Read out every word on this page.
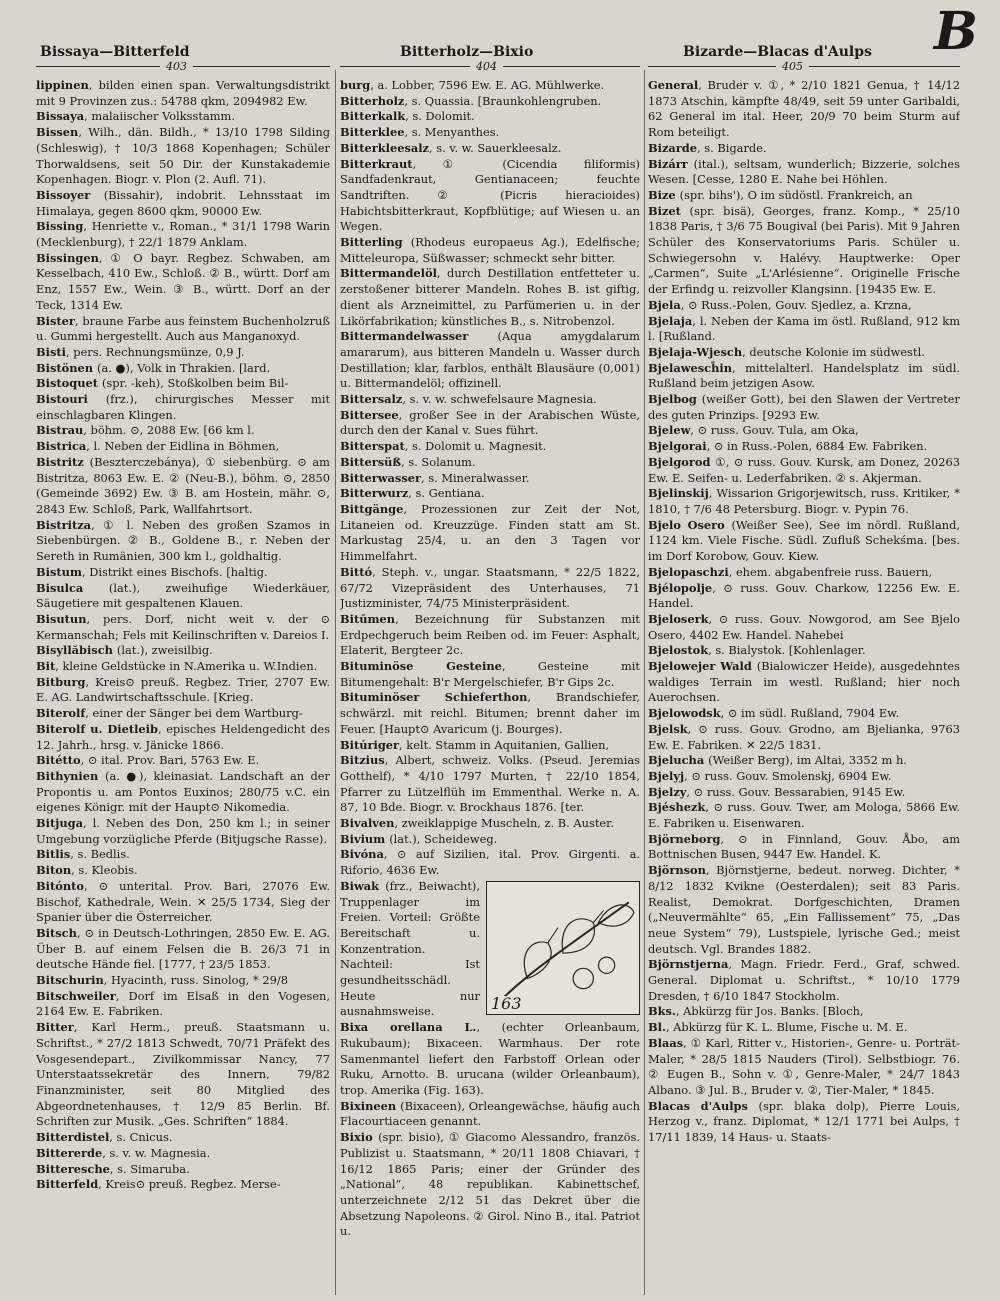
B
Bissaya—Bitterfeld	Bitterholz—Bixio	Bizarde—Blacas d'Aulps
403	404	405

lippinen, bilden einen span. Verwaltungsdistrikt mit 9 Provinzen zus.: 54788 qkm, 2094982 Ew.

Bissaya, malaiischer Volksstamm.

Bissen, Wilh., dän. Bildh., * 13/10 1798 Silding (Schleswig), † 10/3 1868 Kopenhagen; Schüler Thorwaldsens, seit 50 Dir. der Kunstakademie Kopenhagen. Biogr. v. Plon (2. Aufl. 71).

Bissoyer (Bissahir), indobrit. Lehnsstaat im Himalaya, gegen 8600 qkm, 90000 Ew.

Bissing, Henriette v., Roman., * 31/1 1798 Warin (Mecklenburg), † 22/1 1879 Anklam.

Bissingen, ① O bayr. Regbez. Schwaben, am Kesselbach, 410 Ew., Schloß. ② B., württ. Dorf am Enz, 1557 Ew., Wein. ③ B., württ. Dorf an der Teck, 1314 Ew.

Bister, braune Farbe aus feinstem Buchenholzruß u. Gummi hergestellt. Auch aus Manganoxyd.

Bisti, pers. Rechnungsmünze, 0,9 J.

Bistönen (a. ●), Volk in Thrakien. [lard.

Bistoquet (spr. -keh), Stoßkolben beim Bil-

Bistouri (frz.), chirurgisches Messer mit einschlagbaren Klingen.

Bistrau, böhm. ⊙, 2088 Ew. [66 km l.

Bistrica, l. Neben der Eidlina in Böhmen,

Bistritz (Beszterczebánya), ① siebenbürg. ⊙ am Bistritza, 8063 Ew. E. ② (Neu-B.), böhm. ⊙, 2850 (Gemeinde 3692) Ew. ③ B. am Hostein, mähr. ⊙, 2843 Ew. Schloß, Park, Wallfahrtsort.

Bistritza, ① l. Neben des großen Szamos in Siebenbürgen. ② B., Goldene B., r. Neben der Sereth in Rumänien, 300 km l., goldhaltig.

Bistum, Distrikt eines Bischofs. [haltig.

Bisulca (lat.), zweihufige Wiederkäuer, Säugetiere mit gespaltenen Klauen.

Bisutun, pers. Dorf, nicht weit v. der ⊙ Kermanschah; Fels mit Keilinschriften v. Dareios I.

Bisyllăbisch (lat.), zweisilbig.

Bit, kleine Geldstücke in N.Amerika u. W.Indien.

Bitburg, Kreis⊙ preuß. Regbez. Trier, 2707 Ew. E. AG. Landwirtschaftsschule. [Krieg.

Biterolf, einer der Sänger bei dem Wartburg-

Biterolf u. Dietleib, episches Heldengedicht des 12. Jahrh., hrsg. v. Jänicke 1866.

Bitétto, ⊙ ital. Prov. Bari, 5763 Ew. E.

Bithynien (a. ●), kleinasiat. Landschaft an der Propontis u. am Pontos Euxinos; 280/75 v.C. ein eigenes Königr. mit der Haupt⊙ Nikomedia.

Bitjuga, l. Neben des Don, 250 km l.; in seiner Umgebung vorzügliche Pferde (Bitjugsche Rasse).

Bitlis, s. Bedlis.

Biton, s. Kleobis.

Bitónto, ⊙ unterital. Prov. Bari, 27076 Ew. Bischof, Kathedrale, Wein. ✕ 25/5 1734, Sieg der Spanier über die Österreicher.

Bitsch, ⊙ in Deutsch-Lothringen, 2850 Ew. E. AG. Über B. auf einem Felsen die B. 26/3 71 in deutsche Hände fiel. [1777, † 23/5 1853.

Bitschurin, Hyacinth, russ. Sinolog, * 29/8

Bitschweiler, Dorf im Elsaß in den Vogesen, 2164 Ew. E. Fabriken.

Bitter, Karl Herm., preuß. Staatsmann u. Schriftst., * 27/2 1813 Schwedt, 70/71 Präfekt des Vosgesendepart., Zivilkommissar Nancy, 77 Unterstaatssekretär des Innern, 79/82 Finanzminister, seit 80 Mitglied des Abgeordnetenhauses, † 12/9 85 Berlin. Bf. Schriften zur Musik. „Ges. Schriften“ 1884.

Bitterdistel, s. Cnicus.

Bittererde, s. v. w. Magnesia.

Bitteresche, s. Simaruba.

Bitterfeld, Kreis⊙ preuß. Regbez. Merse-

burg, a. Lobber, 7596 Ew. E. AG. Mühlwerke.

Bitterholz, s. Quassia. [Braunkohlengruben.

Bitterkalk, s. Dolomit.

Bitterklee, s. Menyanthes.

Bitterkleesalz, s. v. w. Sauerkleesalz.

Bitterkraut, ① (Cicendia filiformis) Sandfadenkraut, Gentianaceen; feuchte Sandtriften. ② (Picris hieracioides) Habichtsbitterkraut, Kopfblütige; auf Wiesen u. an Wegen.

Bitterling (Rhodeus europaeus Ag.), Edelfische; Mitteleuropa, Süßwasser; schmeckt sehr bitter.

Bittermandelöl, durch Destillation entfetteter u. zerstoßener bitterer Mandeln. Rohes B. ist giftig, dient als Arzneimittel, zu Parfümerien u. in der Likörfabrikation; künstliches B., s. Nitrobenzol.

Bittermandelwasser (Aqua amygdalarum amararum), aus bitteren Mandeln u. Wasser durch Destillation; klar, farblos, enthält Blausäure (0,001) u. Bittermandelöl; offizinell.

Bittersalz, s. v. w. schwefelsaure Magnesia.

Bittersee, großer See in der Arabischen Wüste, durch den der Kanal v. Sues führt.

Bitterspat, s. Dolomit u. Magnesit.

Bittersüß, s. Solanum.

Bitterwasser, s. Mineralwasser.

Bitterwurz, s. Gentiana.

Bittgänge, Prozessionen zur Zeit der Not, Litaneien od. Kreuzzüge. Finden statt am St. Markustag 25/4, u. an den 3 Tagen vor Himmelfahrt.

Bittó, Steph. v., ungar. Staatsmann, * 22/5 1822, 67/72 Vizepräsident des Unterhauses, 71 Justizminister, 74/75 Ministerpräsident.

Bitūmen, Bezeichnung für Substanzen mit Erdpechgeruch beim Reiben od. im Feuer: Asphalt, Elaterit, Bergteer 2c.

Bituminöse Gesteine, Gesteine mit Bitumengehalt: B'r Mergelschiefer, B'r Gips 2c.

Bituminöser Schieferthon, Brandschiefer, schwärzl. mit reichl. Bitumen; brennt daher im Feuer. [Haupt⊙ Avaricum (j. Bourges).

Bitúriger, kelt. Stamm in Aquitanien, Gallien,

Bitzius, Albert, schweiz. Volks. (Pseud. Jeremias Gotthelf), * 4/10 1797 Murten, † 22/10 1854, Pfarrer zu Lützelflüh im Emmenthal. Werke n. A. 87, 10 Bde. Biogr. v. Brockhaus 1876. [ter.

Bivalven, zweiklappige Muscheln, z. B. Auster.

Bivium (lat.), Scheideweg.

Bivóna, ⊙ auf Sizilien, ital. Prov. Girgenti. a. Riforio, 4636 Ew.

163

Biwak (frz., Beiwacht), Truppenlager im Freien. Vorteil: Größte Bereitschaft u. Konzentration. Nachteil: Ist gesundheitsschädl. Heute nur ausnahmsweise.

Bixa orellana L., (echter Orleanbaum, Rukubaum); Bixaceen. Warmhaus. Der rote Samenmantel liefert den Farbstoff Orlean oder Ruku, Arnotto. B. urucana (wilder Orleanbaum), trop. Amerika (Fig. 163).

Bixineen (Bixaceen), Orleangewächse, häufig auch Flacourtiaceen genannt.

Bixio (spr. bisio), ① Giacomo Alessandro, französ. Publizist u. Staatsmann, * 20/11 1808 Chiavari, † 16/12 1865 Paris; einer der Gründer des „National“, 48 republikan. Kabinettschef, unterzeichnete 2/12 51 das Dekret über die Absetzung Napoleons. ② Girol. Nino B., ital. Patriot u.

General, Bruder v. ①, * 2/10 1821 Genua, † 14/12 1873 Atschin, kämpfte 48/49, seit 59 unter Garibaldi, 62 General im ital. Heer, 20/9 70 beim Sturm auf Rom beteiligt.

Bizarde, s. Bigarde.

Bizárr (ital.), seltsam, wunderlich; Bizzerie, solches Wesen. [Cesse, 1280 E. Nahe bei Höhlen.

Bize (spr. bihs'), O im südöstl. Frankreich, an

Bizet (spr. bisä), Georges, franz. Komp., * 25/10 1838 Paris, † 3/6 75 Bougival (bei Paris). Mit 9 Jahren Schüler des Konservatoriums Paris. Schüler u. Schwiegersohn v. Halévy. Hauptwerke: Oper „Carmen“, Suite „L'Arlésienne“. Originelle Frische der Erfindg u. reizvoller Klangsinn. [19435 Ew. E.

Bjela, ⊙ Russ.-Polen, Gouv. Sjedlez, a. Krzna,

Bjelaja, l. Neben der Kama im östl. Rußland, 912 km l. [Rußland.

Bjelaja-Wjesch, deutsche Kolonie im südwestl.

Bjelawesch̄in, mittelalterl. Handelsplatz im südl. Rußland beim jetzigen Asow.

Bjelbog (weißer Gott), bei den Slawen der Vertreter des guten Prinzips. [9293 Ew.

Bjelew, ⊙ russ. Gouv. Tula, am Oka,

Bjelgorai, ⊙ in Russ.-Polen, 6884 Ew. Fabriken.

Bjelgorod ①, ⊙ russ. Gouv. Kursk, am Donez, 20263 Ew. E. Seifen- u. Lederfabriken. ② s. Akjerman.

Bjelinskij, Wissarion Grigorjewitsch, russ. Kritiker, * 1810, † 7/6 48 Petersburg. Biogr. v. Pypin 76.

Bjelo Osero (Weißer See), See im nördl. Rußland, 1124 km. Viele Fische. Südl. Zufluß Schekśma. [bes. im Dorf Korobow, Gouv. Kiew.

Bjelopaschzi, ehem. abgabenfreie russ. Bauern,

Bjélopolje, ⊙ russ. Gouv. Charkow, 12256 Ew. E. Handel.

Bjeloserk, ⊙ russ. Gouv. Nowgorod, am See Bjelo Osero, 4402 Ew. Handel. Nahebei

Bjelostok, s. Bialystok. [Kohlenlager.

Bjelowejer Wald (Bialowiczer Heide), ausgedehntes waldiges Terrain im westl. Rußland; hier noch Auerochsen.

Bjelowodsk, ⊙ im südl. Rußland, 7904 Ew.

Bjelsk, ⊙ russ. Gouv. Grodno, am Bjelianka, 9763 Ew. E. Fabriken. ✕ 22/5 1831.

Bjelucha (Weißer Berg), im Altai, 3352 m h.

Bjelyj, ⊙ russ. Gouv. Smolenskj, 6904 Ew.

Bjelzy, ⊙ russ. Gouv. Bessarabien, 9145 Ew.

Bjéshezk, ⊙ russ. Gouv. Twer, am Mologa, 5866 Ew. E. Fabriken u. Eisenwaren.

Björneborg, ⊙ in Finnland, Gouv. Åbo, am Bottnischen Busen, 9447 Ew. Handel. K.

Björnson, Björnstjerne, bedeut. norweg. Dichter, * 8/12 1832 Kvikne (Oesterdalen); seit 83 Paris. Realist, Demokrat. Dorfgeschichten, Dramen („Neuvermählte“ 65, „Ein Fallissement“ 75, „Das neue System“ 79), Lustspiele, lyrische Ged.; meist deutsch. Vgl. Brandes 1882.

Björnstjerna, Magn. Friedr. Ferd., Graf, schwed. General. Diplomat u. Schriftst., * 10/10 1779 Dresden, † 6/10 1847 Stockholm.

Bks., Abkürzg für Jos. Banks. [Bloch,

Bl., Abkürzg für K. L. Blume, Fische u. M. E.

Blaas, ① Karl, Ritter v., Historien-, Genre- u. Porträt-Maler, * 28/5 1815 Nauders (Tirol). Selbstbiogr. 76. ② Eugen B., Sohn v. ①, Genre-Maler, * 24/7 1843 Albano. ③ Jul. B., Bruder v. ②, Tier-Maler, * 1845.

Blacas d'Aulps (spr. blaka dolp), Pierre Louis, Herzog v., franz. Diplomat, * 12/1 1771 bei Aulps, † 17/11 1839, 14 Haus- u. Staats-
